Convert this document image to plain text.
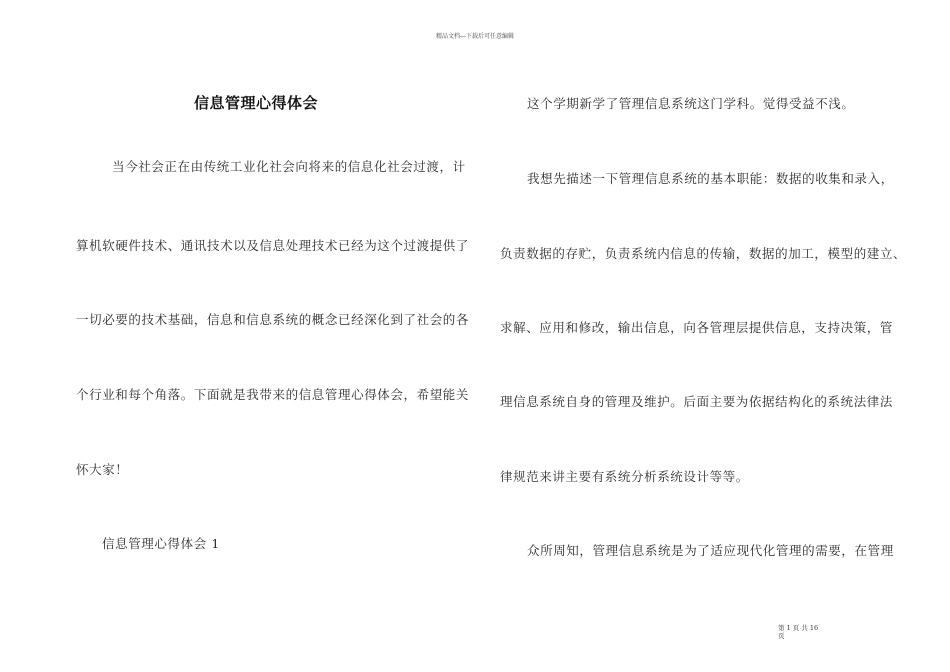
精品文档---下载后可任意编辑
信息管理心得体会
当今社会正在由传统工业化社会向将来的信息化社会过渡，计
算机软硬件技术、通讯技术以及信息处理技术已经为这个过渡提供了
一切必要的技术基础，信息和信息系统的概念已经深化到了社会的各
个行业和每个角落。下面就是我带来的信息管理心得体会，希望能关
怀大家！
信息管理心得体会 1
这个学期新学了管理信息系统这门学科。觉得受益不浅。
我想先描述一下管理信息系统的基本职能：数据的收集和录入，
负责数据的存贮，负责系统内信息的传输，数据的加工，模型的建立、
求解、应用和修改，输出信息，向各管理层提供信息，支持决策，管
理信息系统自身的管理及维护。后面主要为依据结构化的系统法律法
律规范来讲主要有系统分析系统设计等等。
众所周知，管理信息系统是为了适应现代化管理的需要，在管理
第 1 页 共 16
页
